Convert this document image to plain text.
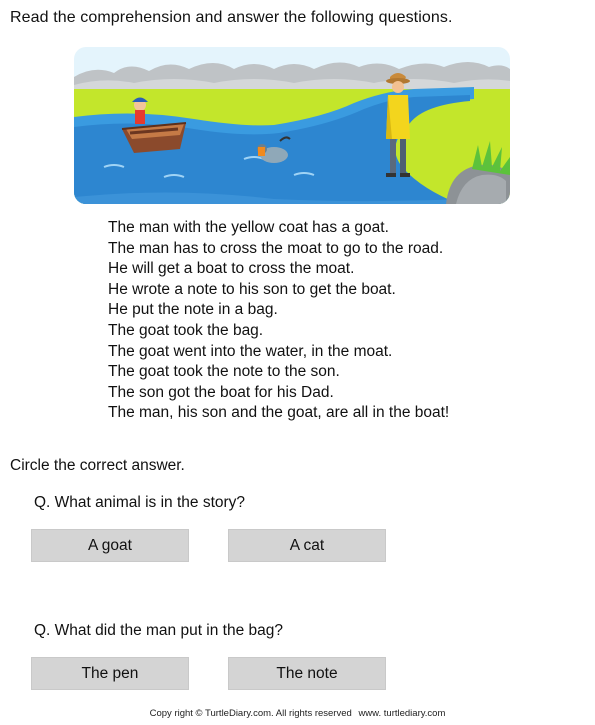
Read the comprehension and answer the following questions.
The man with the yellow coat has a goat.
The man has to cross the moat to go to the road.
He will get a boat to cross the moat.
He wrote a note to his son to get the boat.
He put the note in a bag.
The goat took the bag.
The goat went into the water, in the moat.
The goat took the note to the son.
The son got the boat for his Dad.
The man, his son and the goat, are all in the boat!
Circle the correct answer.
Q. What animal is in the story?
A goat	A cat
Q. What did the man put in the bag?
The pen	The note
Copy right © TurtleDiary.com. All rights reserved www. turtlediary.com
